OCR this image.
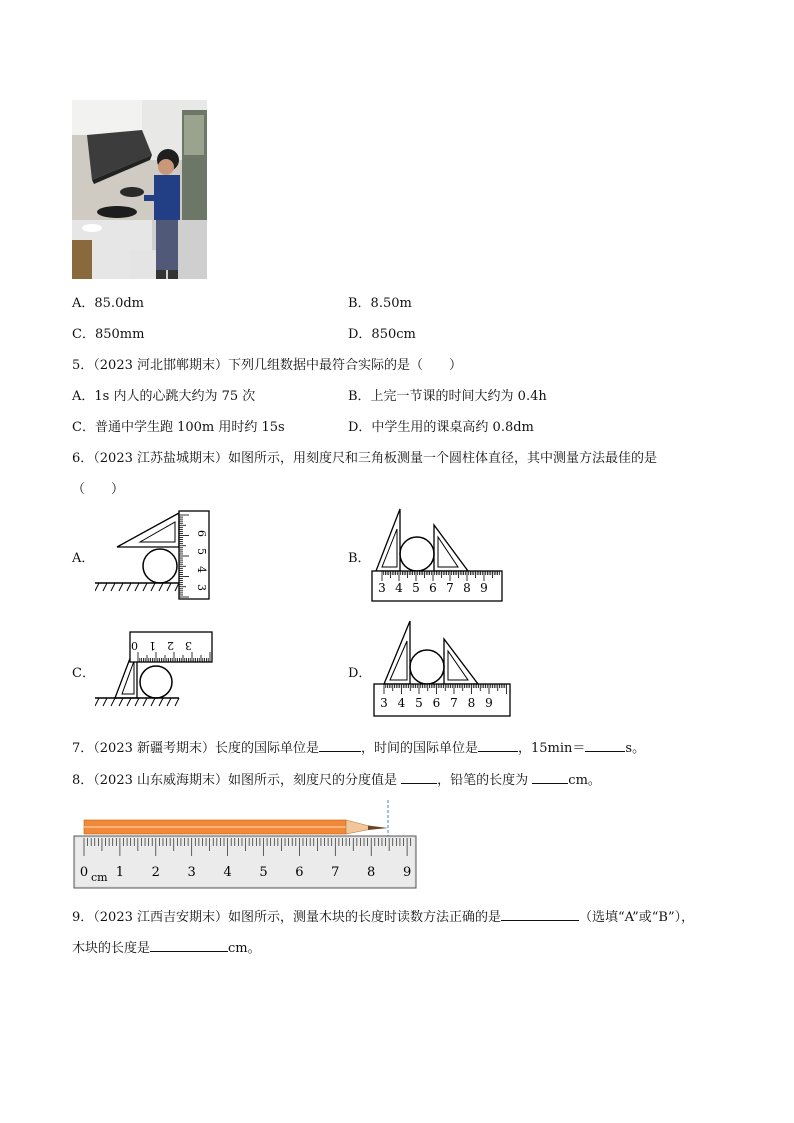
A．85.0dm	B．8.50m
C．850mm	D．850cm
5．（2023 河北邯郸期末）下列几组数据中最符合实际的是（　　）
A．1s 内人的心跳大约为 75 次	B．上完一节课的时间大约为 0.4h
C．普通中学生跑 100m 用时约 15s	D．中学生用的课桌高约 0.8dm
6．（2023 江苏盐城期末）如图所示，用刻度尺和三角板测量一个圆柱体直径，其中测量方法最佳的是
（　　）
A．	B．
C．	D．
6
5
4
3	3 4 5 6 7 8 9
0 1 2 3
3 4 5 6 7 8 9
7．（2023 新疆考期末）长度的国际单位是	，时间的国际单位是	，15min＝	s。
8．（2023 山东威海期末）如图所示，刻度尺的分度值是	，铅笔的长度为	cm。
0 1 2 3 4 5 6 7 8 9
cm
9．（2023 江西吉安期末）如图所示，测量木块的长度时读数方法正确的是	（选填“A”或“B”），
木块的长度是	cm。
